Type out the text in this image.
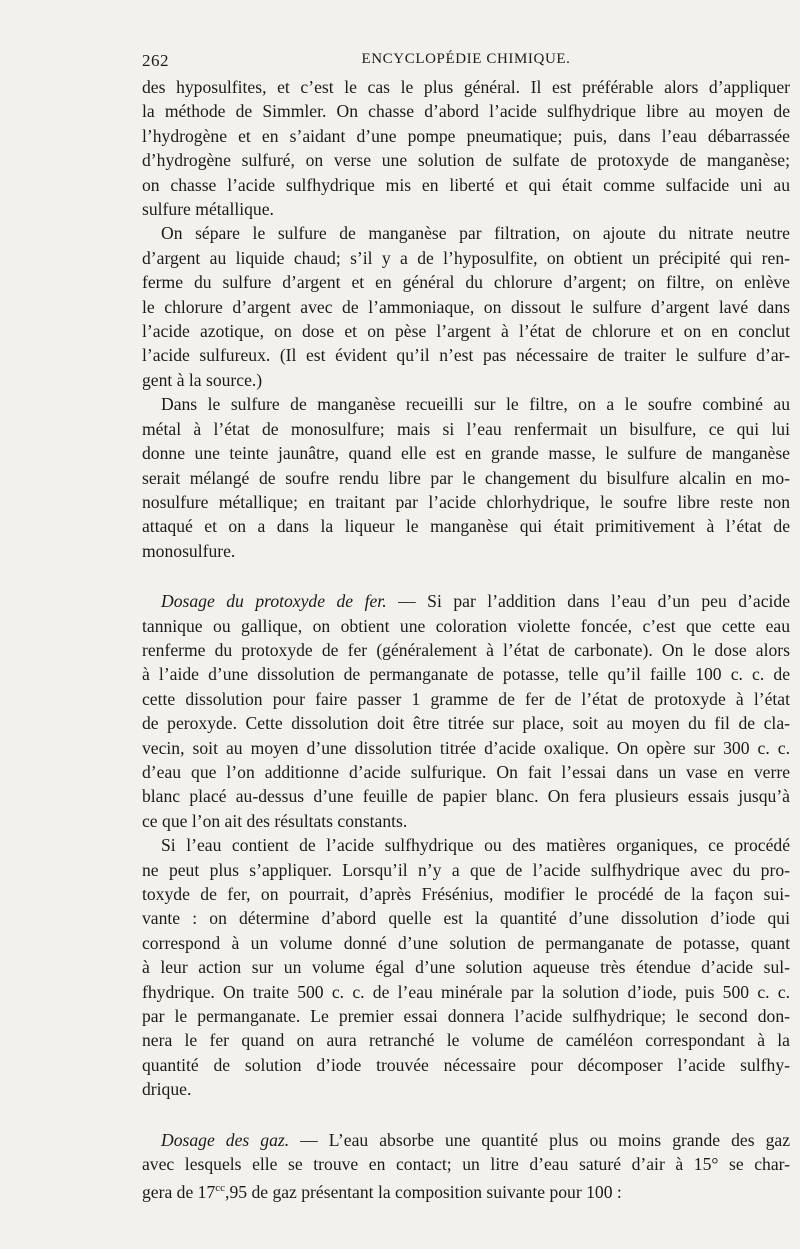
262	ENCYCLOPÉDIE CHIMIQUE.

des hyposulfites, et c’est le cas le plus général. Il est préférable alors d’appliquer
la méthode de Simmler. On chasse d’abord l’acide sulfhydrique libre au moyen de
l’hydrogène et en s’aidant d’une pompe pneumatique; puis, dans l’eau débarrassée
d’hydrogène sulfuré, on verse une solution de sulfate de protoxyde de manganèse;
on chasse l’acide sulfhydrique mis en liberté et qui était comme sulfacide uni au
sulfure métallique.

On sépare le sulfure de manganèse par filtration, on ajoute du nitrate neutre
d’argent au liquide chaud; s’il y a de l’hyposulfite, on obtient un précipité qui ren-
ferme du sulfure d’argent et en général du chlorure d’argent; on filtre, on enlève
le chlorure d’argent avec de l’ammoniaque, on dissout le sulfure d’argent lavé dans
l’acide azotique, on dose et on pèse l’argent à l’état de chlorure et on en conclut
l’acide sulfureux. (Il est évident qu’il n’est pas nécessaire de traiter le sulfure d’ar-
gent à la source.)

Dans le sulfure de manganèse recueilli sur le filtre, on a le soufre combiné au
métal à l’état de monosulfure; mais si l’eau renfermait un bisulfure, ce qui lui
donne une teinte jaunâtre, quand elle est en grande masse, le sulfure de manganèse
serait mélangé de soufre rendu libre par le changement du bisulfure alcalin en mo-
nosulfure métallique; en traitant par l’acide chlorhydrique, le soufre libre reste non
attaqué et on a dans la liqueur le manganèse qui était primitivement à l’état de
monosulfure.

Dosage du protoxyde de fer. — Si par l’addition dans l’eau d’un peu d’acide
tannique ou gallique, on obtient une coloration violette foncée, c’est que cette eau
renferme du protoxyde de fer (généralement à l’état de carbonate). On le dose alors
à l’aide d’une dissolution de permanganate de potasse, telle qu’il faille 100 c. c. de
cette dissolution pour faire passer 1 gramme de fer de l’état de protoxyde à l’état
de peroxyde. Cette dissolution doit être titrée sur place, soit au moyen du fil de cla-
vecin, soit au moyen d’une dissolution titrée d’acide oxalique. On opère sur 300 c. c.
d’eau que l’on additionne d’acide sulfurique. On fait l’essai dans un vase en verre
blanc placé au-dessus d’une feuille de papier blanc. On fera plusieurs essais jusqu’à
ce que l’on ait des résultats constants.

Si l’eau contient de l’acide sulfhydrique ou des matières organiques, ce procédé
ne peut plus s’appliquer. Lorsqu’il n’y a que de l’acide sulfhydrique avec du pro-
toxyde de fer, on pourrait, d’après Frésénius, modifier le procédé de la façon sui-
vante : on détermine d’abord quelle est la quantité d’une dissolution d’iode qui
correspond à un volume donné d’une solution de permanganate de potasse, quant
à leur action sur un volume égal d’une solution aqueuse très étendue d’acide sul-
fhydrique. On traite 500 c. c. de l’eau minérale par la solution d’iode, puis 500 c. c.
par le permanganate. Le premier essai donnera l’acide sulfhydrique; le second don-
nera le fer quand on aura retranché le volume de caméléon correspondant à la
quantité de solution d’iode trouvée nécessaire pour décomposer l’acide sulfhy-
drique.

Dosage des gaz. — L’eau absorbe une quantité plus ou moins grande des gaz
avec lesquels elle se trouve en contact; un litre d’eau saturé d’air à 15° se char-
gera de $17^{cc},95$ de gaz présentant la composition suivante pour 100 :
